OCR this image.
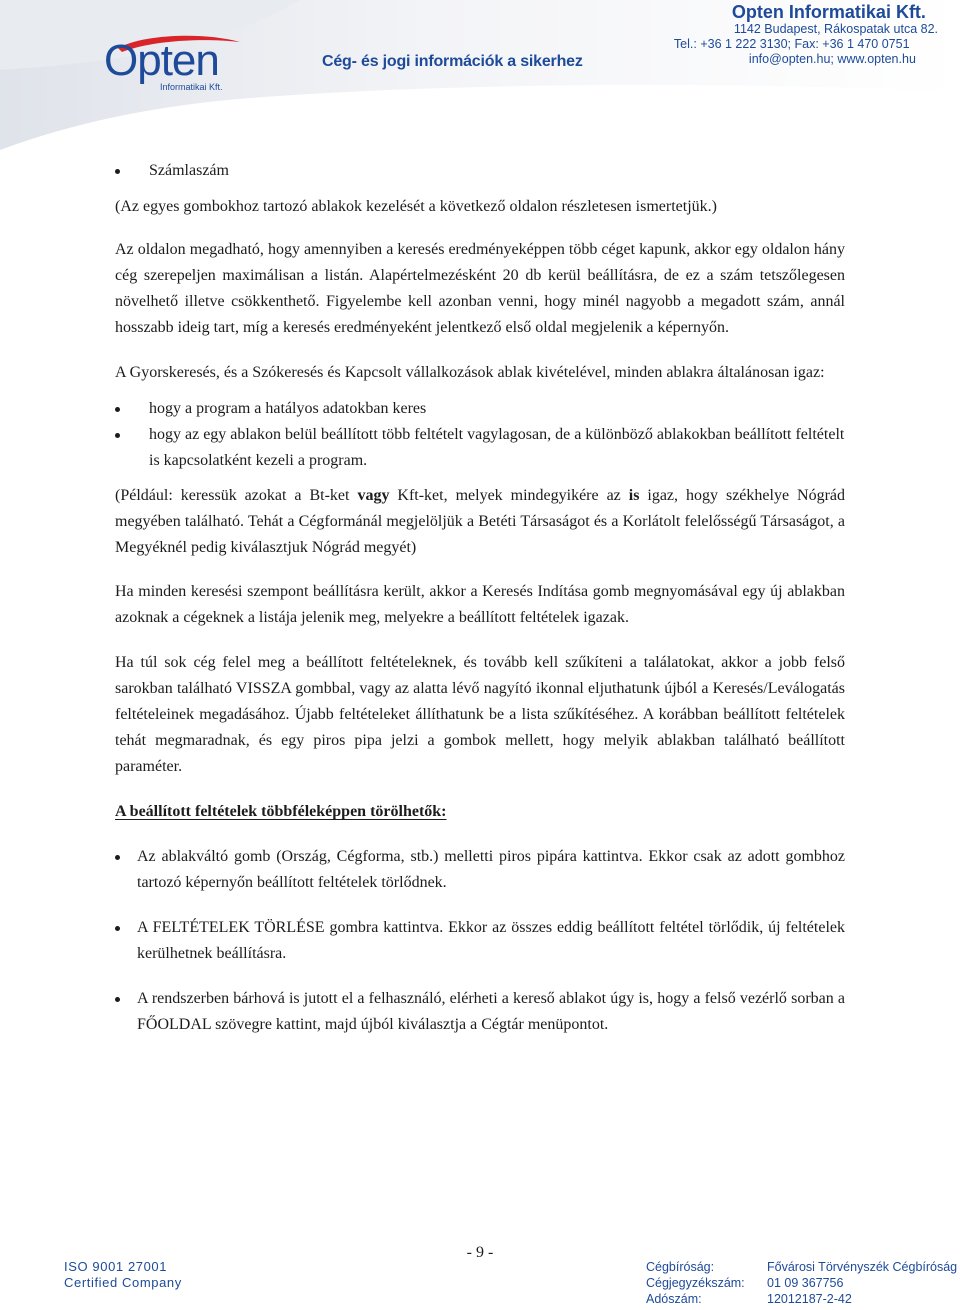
Opten
Informatikai Kft.
Cég- és jogi információk a sikerhez
Opten Informatikai Kft.
1142 Budapest, Rákospatak utca 82.
Tel.: +36 1 222 3130; Fax: +36 1 470 0751
info@opten.hu; www.opten.hu
Számlaszám

(Az egyes gombokhoz tartozó ablakok kezelését a következő oldalon részletesen ismertetjük.)

Az oldalon megadható, hogy amennyiben a keresés eredményeképpen több céget kapunk, akkor egy oldalon hány cég szerepeljen maximálisan a listán. Alapértelmezésként 20 db kerül beállításra, de ez a szám tetszőlegesen növelhető illetve csökkenthető. Figyelembe kell azonban venni, hogy minél nagyobb a megadott szám, annál hosszabb ideig tart, míg a keresés eredményeként jelentkező első oldal megjelenik a képernyőn.

A Gyorskeresés, és a Szókeresés és Kapcsolt vállalkozások ablak kivételével, minden ablakra általánosan igaz:

hogy a program a hatályos adatokban keres
hogy az egy ablakon belül beállított több feltételt vagylagosan, de a különböző ablakokban beállított feltételt is kapcsolatként kezeli a program.

(Például: keressük azokat a Bt-ket vagy Kft-ket, melyek mindegyikére az is igaz, hogy székhelye Nógrád megyében található. Tehát a Cégformánál megjelöljük a Betéti Társaságot és a Korlátolt felelősségű Társaságot, a Megyéknél pedig kiválasztjuk Nógrád megyét)

Ha minden keresési szempont beállításra került, akkor a Keresés Indítása gomb megnyomásával egy új ablakban azoknak a cégeknek a listája jelenik meg, melyekre a beállított feltételek igazak.

Ha túl sok cég felel meg a beállított feltételeknek, és tovább kell szűkíteni a találatokat, akkor a jobb felső sarokban található VISSZA gombbal, vagy az alatta lévő nagyító ikonnal eljuthatunk újból a Keresés/Leválogatás feltételeinek megadásához. Újabb feltételeket állíthatunk be a lista szűkítéséhez. A korábban beállított feltételek tehát megmaradnak, és egy piros pipa jelzi a gombok mellett, hogy melyik ablakban található beállított paraméter.

A beállított feltételek többféleképpen törölhetők:

Az ablakváltó gomb (Ország, Cégforma, stb.) melletti piros pipára kattintva. Ekkor csak az adott gombhoz tartozó képernyőn beállított feltételek törlődnek.

A FELTÉTELEK TÖRLÉSE gombra kattintva. Ekkor az összes eddig beállított feltétel törlődik, új feltételek kerülhetnek beállításra.

A rendszerben bárhová is jutott el a felhasználó, elérheti a kereső ablakot úgy is, hogy a felső vezérlő sorban a FŐOLDAL szövegre kattint, majd újból kiválasztja a Cégtár menüpontot.

- 9 -
ISO 9001 27001
Certified Company
Cégbíróság:	Fővárosi Törvényszék Cégbíróság
Cégjegyzékszám: 01 09 367756
Adószám:	12012187-2-42
